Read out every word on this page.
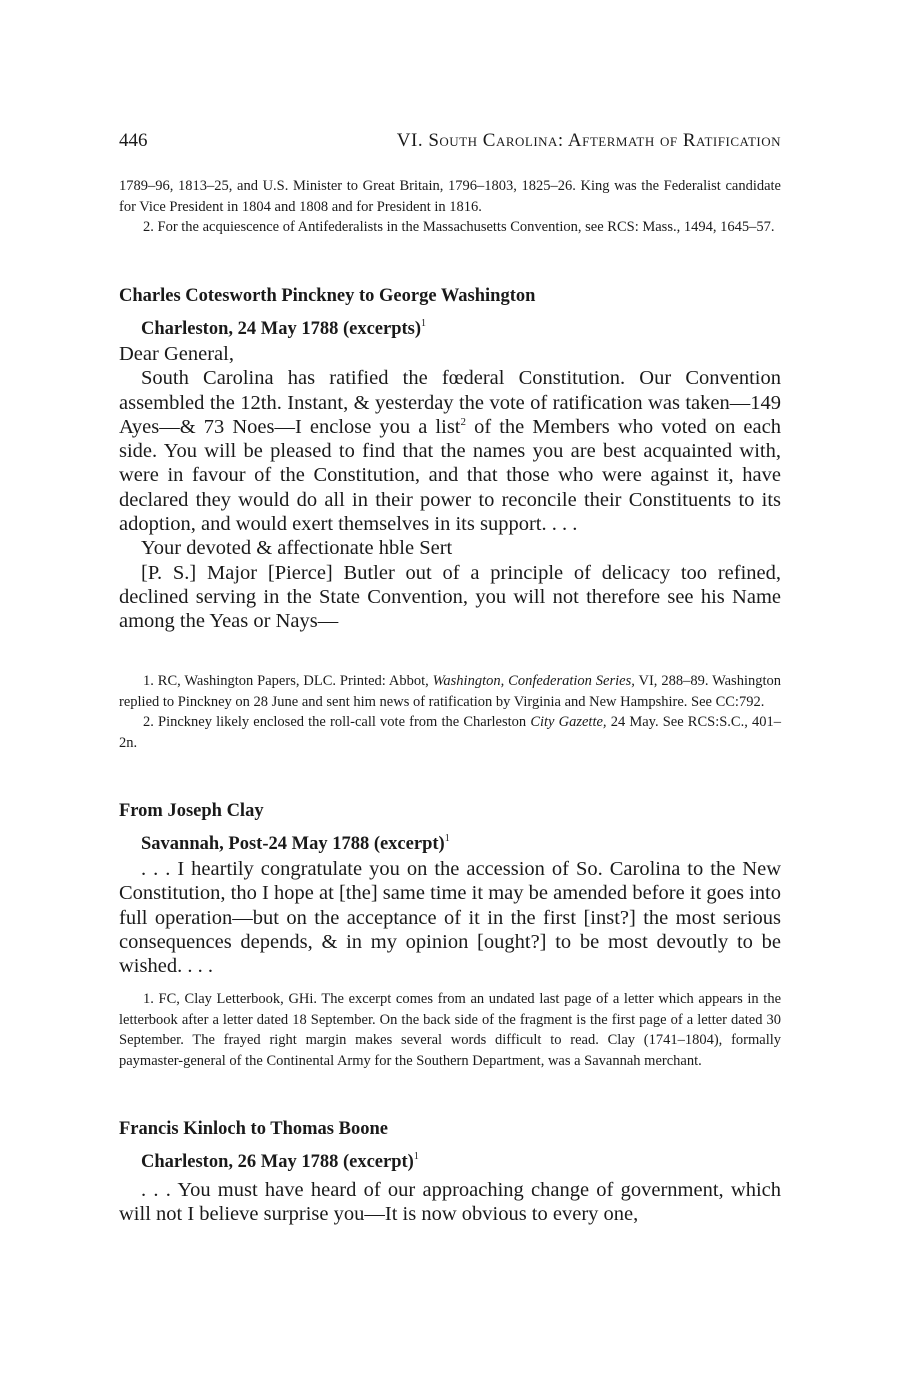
446	VI. South Carolina: Aftermath of Ratification

1789–96, 1813–25, and U.S. Minister to Great Britain, 1796–1803, 1825–26. King was the Federalist candidate for Vice President in 1804 and 1808 and for President in 1816.

2. For the acquiescence of Antifederalists in the Massachusetts Convention, see RCS: Mass., 1494, 1645–57.

Charles Cotesworth Pinckney to George Washington

Charleston, 24 May 1788 (excerpts)$^1$

Dear General,

South Carolina has ratified the fœderal Constitution. Our Convention assembled the 12th. Instant, & yesterday the vote of ratification was taken—149 Ayes—& 73 Noes—I enclose you a list$^2$ of the Members who voted on each side. You will be pleased to find that the names you are best acquainted with, were in favour of the Constitution, and that those who were against it, have declared they would do all in their power to reconcile their Constituents to its adoption, and would exert themselves in its support. . . .

Your devoted & affectionate hble Sert

[P. S.] Major [Pierce] Butler out of a principle of delicacy too refined, declined serving in the State Convention, you will not therefore see his Name among the Yeas or Nays—

1. RC, Washington Papers, DLC. Printed: Abbot, Washington, Confederation Series, VI, 288–89. Washington replied to Pinckney on 28 June and sent him news of ratification by Virginia and New Hampshire. See CC:792.

2. Pinckney likely enclosed the roll-call vote from the Charleston City Gazette, 24 May. See RCS:S.C., 401–2n.

From Joseph Clay

Savannah, Post-24 May 1788 (excerpt)$^1$

. . . I heartily congratulate you on the accession of So. Carolina to the New Constitution, tho I hope at [the] same time it may be amended before it goes into full operation—but on the acceptance of it in the first [inst?] the most serious consequences depends, & in my opinion [ought?] to be most devoutly to be wished. . . .

1. FC, Clay Letterbook, GHi. The excerpt comes from an undated last page of a letter which appears in the letterbook after a letter dated 18 September. On the back side of the fragment is the first page of a letter dated 30 September. The frayed right margin makes several words difficult to read. Clay (1741–1804), formally paymaster-general of the Continental Army for the Southern Department, was a Savannah merchant.

Francis Kinloch to Thomas Boone

Charleston, 26 May 1788 (excerpt)$^1$

. . . You must have heard of our approaching change of government, which will not I believe surprise you—It is now obvious to every one,
